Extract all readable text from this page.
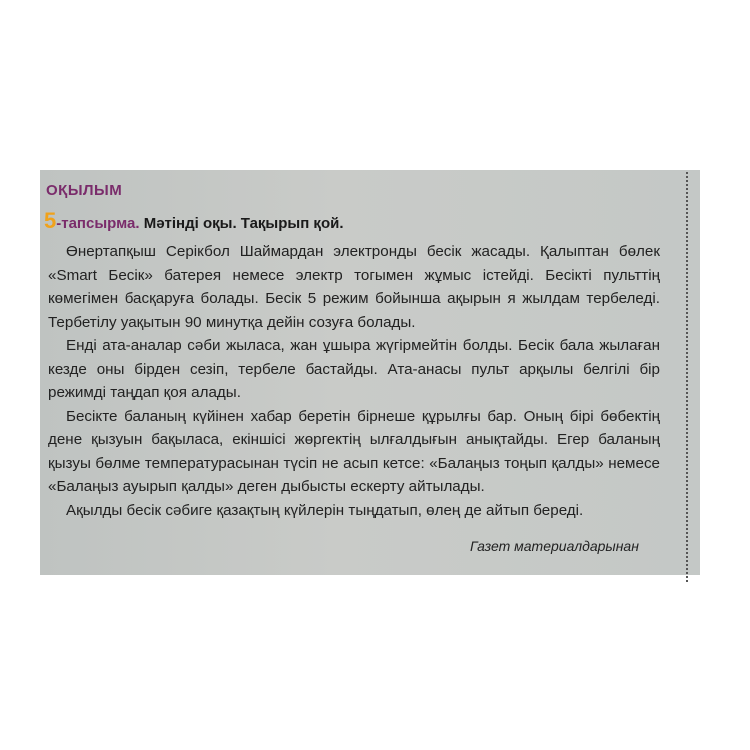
ОҚЫЛЫМ
5-тапсырма. Мәтінді оқы. Тақырып қой.

Өнертапқыш Серікбол Шаймардан электронды бесік жасады. Қалыптан бөлек «Smart Бесік» батерея немесе электр тогымен жұмыс істейді. Бесікті пульттің көмегімен басқаруға болады. Бесік 5 режим бойынша ақырын я жылдам тербеледі. Тербетілу уақытын 90 минутқа дейін созуға болады.

Енді ата-аналар сәби жыласа, жан ұшыра жүгірмейтін болды. Бесік бала жылаған кезде оны бірден сезіп, тербеле бастайды. Ата-анасы пульт арқылы белгілі бір режимді таңдап қоя алады.

Бесікте баланың күйінен хабар беретін бірнеше құрылғы бар. Оның бірі бөбектің дене қызуын бақыласа, екіншісі жөргектің ылғалдығын анықтайды. Егер баланың қызуы бөлме температурасынан түсіп не асып кетсе: «Балаңыз тоңып қалды» немесе «Балаңыз ауырып қалды» деген дыбысты ескерту айтылады.

Ақылды бесік сәбиге қазақтың күйлерін тыңдатып, өлең де айтып береді.

Газет материалдарынан
